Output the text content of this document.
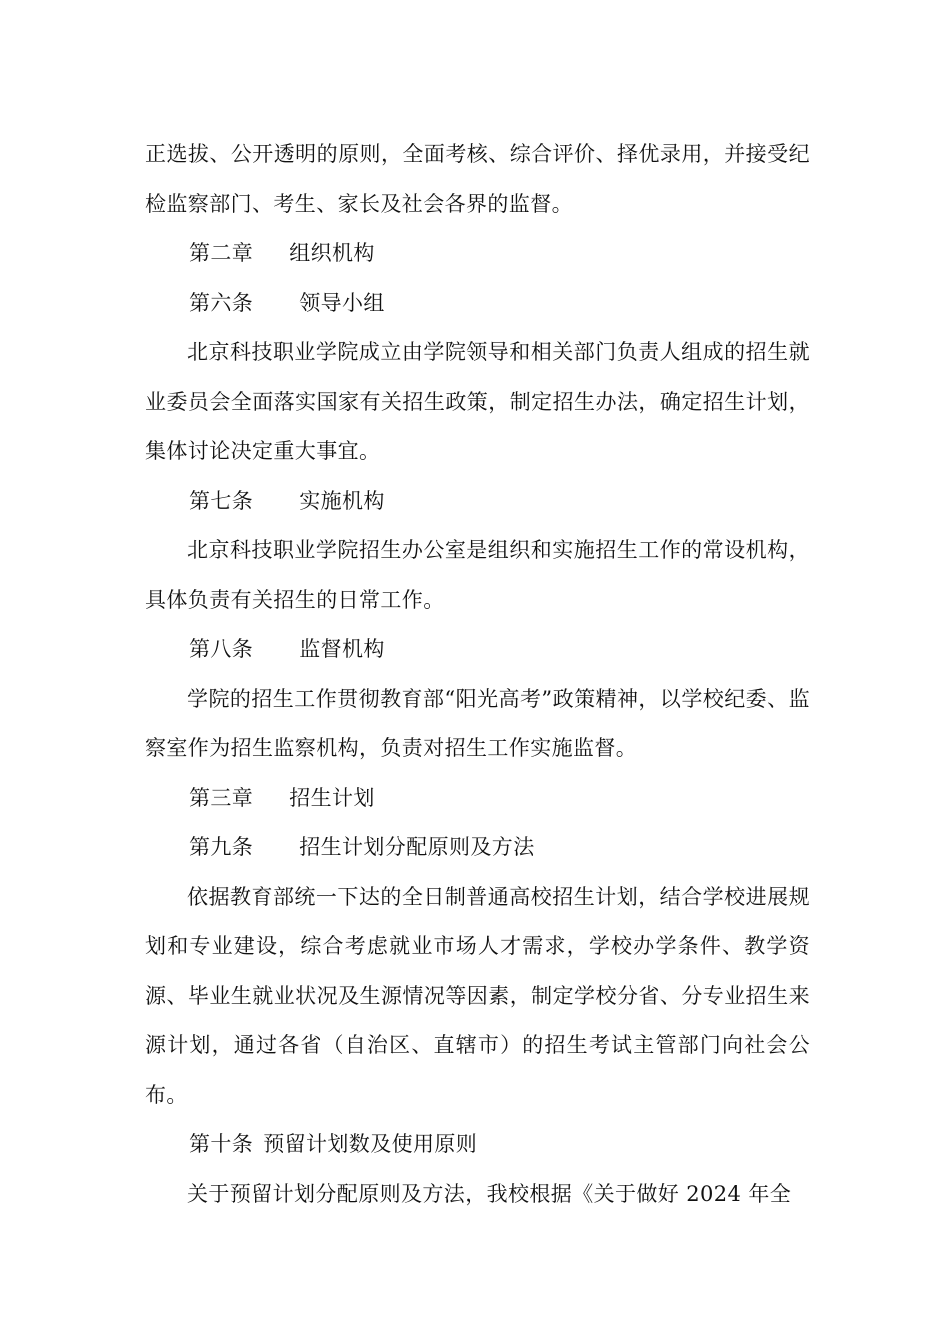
正选拔、公开透明的原则，全面考核、综合评价、择优录用，并接受纪检监察部门、考生、家长及社会各界的监督。

第二章 组织机构

第六条 领导小组

北京科技职业学院成立由学院领导和相关部门负责人组成的招生就业委员会全面落实国家有关招生政策，制定招生办法，确定招生计划，集体讨论决定重大事宜。

第七条 实施机构

北京科技职业学院招生办公室是组织和实施招生工作的常设机构，具体负责有关招生的日常工作。

第八条 监督机构

学院的招生工作贯彻教育部“阳光高考”政策精神，以学校纪委、监察室作为招生监察机构，负责对招生工作实施监督。

第三章 招生计划

第九条 招生计划分配原则及方法

依据教育部统一下达的全日制普通高校招生计划，结合学校进展规划和专业建设，综合考虑就业市场人才需求，学校办学条件、教学资源、毕业生就业状况及生源情况等因素，制定学校分省、分专业招生来源计划，通过各省（自治区、直辖市）的招生考试主管部门向社会公布。

第十条 预留计划数及使用原则

关于预留计划分配原则及方法，我校根据《关于做好 2024 年全
